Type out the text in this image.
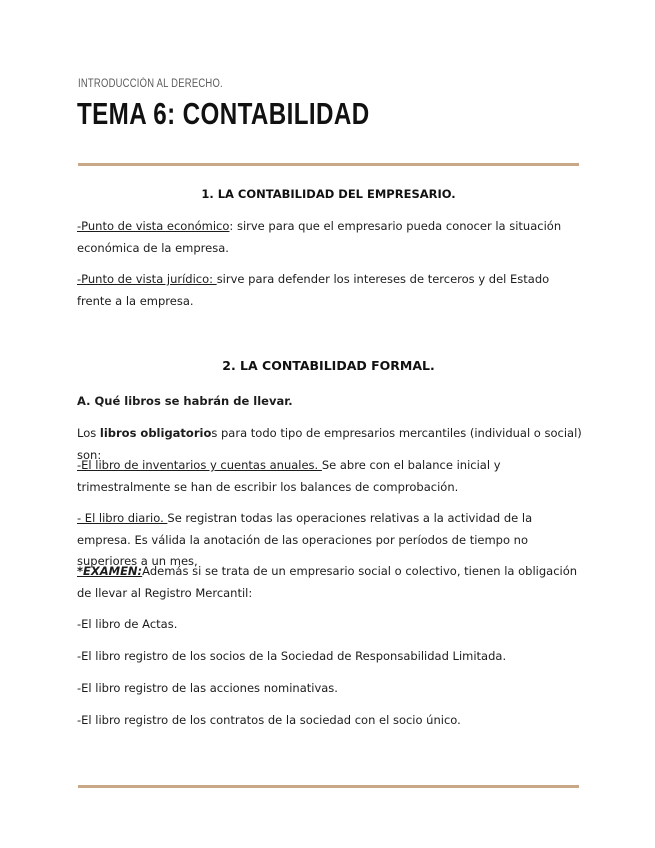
INTRODUCCIÓN AL DERECHO.
TEMA 6: CONTABILIDAD
1. LA CONTABILIDAD DEL EMPRESARIO.
-Punto de vista económico: sirve para que el empresario pueda conocer la situación económica de la empresa.
-Punto de vista jurídico: sirve para defender los intereses de terceros y del Estado frente a la empresa.
2. LA CONTABILIDAD FORMAL.
A. Qué libros se habrán de llevar.
Los libros obligatorios para todo tipo de empresarios mercantiles (individual o social) son:
-El libro de inventarios y cuentas anuales. Se abre con el balance inicial y trimestralmente se han de escribir los balances de comprobación.
- El libro diario. Se registran todas las operaciones relativas a la actividad de la empresa. Es válida la anotación de las operaciones por períodos de tiempo no superiores a un mes,
*EXAMEN:Además si se trata de un empresario social o colectivo, tienen la obligación de llevar al Registro Mercantil:
-El libro de Actas.
-El libro registro de los socios de la Sociedad de Responsabilidad Limitada.
-El libro registro de las acciones nominativas.
-El libro registro de los contratos de la sociedad con el socio único.
